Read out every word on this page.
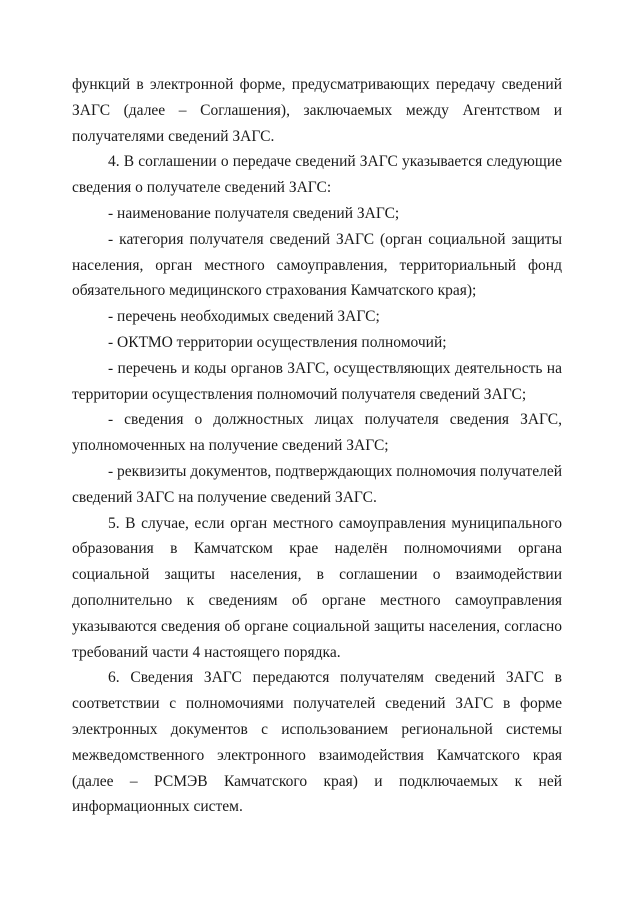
функций в электронной форме, предусматривающих передачу сведений ЗАГС (далее – Соглашения), заключаемых между Агентством и получателями сведений ЗАГС.

4. В соглашении о передаче сведений ЗАГС указывается следующие сведения о получателе сведений ЗАГС:

- наименование получателя сведений ЗАГС;

- категория получателя сведений ЗАГС (орган социальной защиты населения, орган местного самоуправления, территориальный фонд обязательного медицинского страхования Камчатского края);

- перечень необходимых сведений ЗАГС;

- ОКТМО территории осуществления полномочий;

- перечень и коды органов ЗАГС, осуществляющих деятельность на территории осуществления полномочий получателя сведений ЗАГС;

- сведения о должностных лицах получателя сведения ЗАГС, уполномоченных на получение сведений ЗАГС;

- реквизиты документов, подтверждающих полномочия получателей сведений ЗАГС на получение сведений ЗАГС.

5. В случае, если орган местного самоуправления муниципального образования в Камчатском крае наделён полномочиями органа социальной защиты населения, в соглашении о взаимодействии дополнительно к сведениям об органе местного самоуправления указываются сведения об органе социальной защиты населения, согласно требований части 4 настоящего порядка.

6. Сведения ЗАГС передаются получателям сведений ЗАГС в соответствии с полномочиями получателей сведений ЗАГС в форме электронных документов с использованием региональной системы межведомственного электронного взаимодействия Камчатского края (далее – РСМЭВ Камчатского края) и подключаемых к ней информационных систем.
